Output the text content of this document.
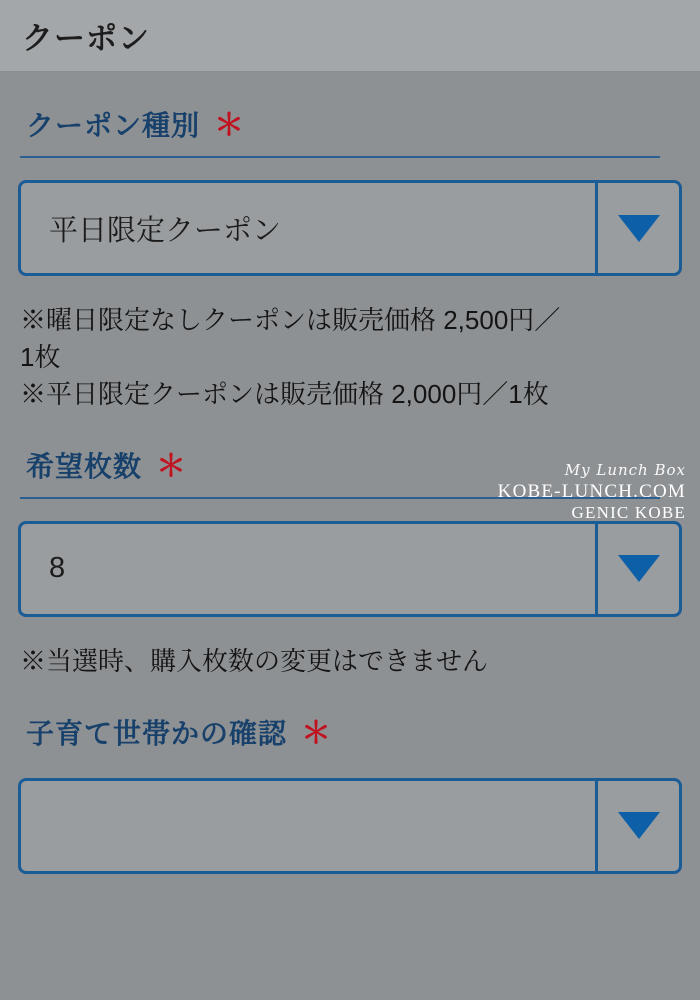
クーポン
クーポン種別 ＊
平日限定クーポン
※曜日限定なしクーポンは販売価格 2,500円／
1枚
※平日限定クーポンは販売価格 2,000円／1枚
希望枚数 ＊
8
※当選時、購入枚数の変更はできません
子育て世帯かの確認 ＊
My Lunch Box
KOBE-LUNCH.COM
GENIC KOBE
